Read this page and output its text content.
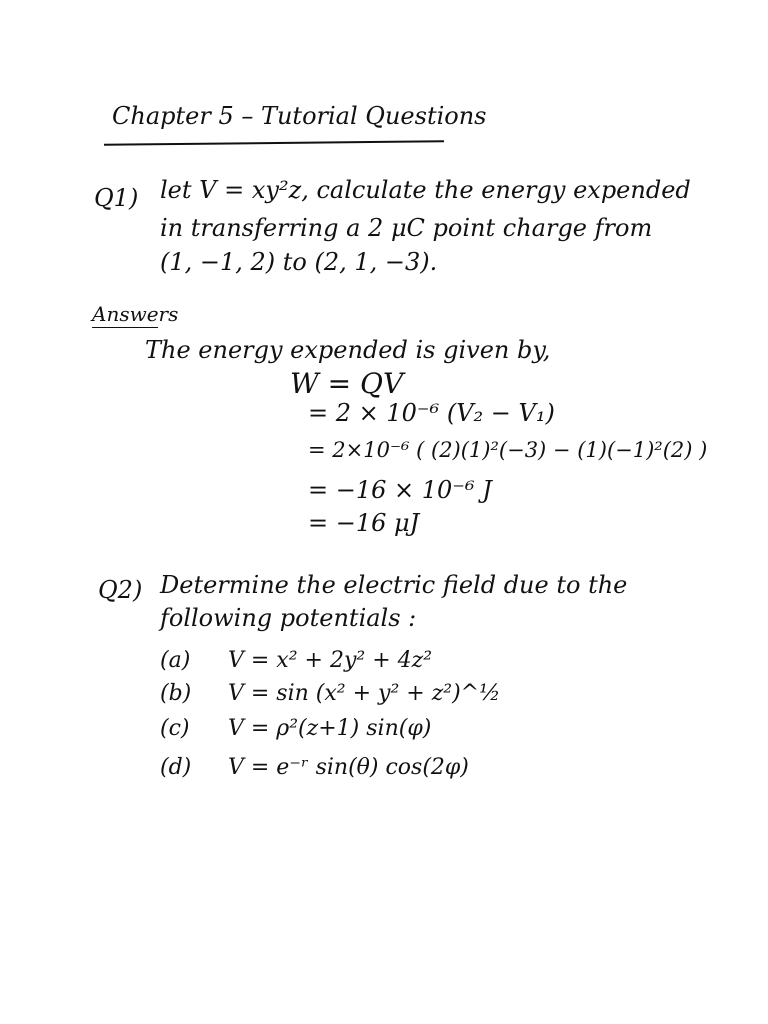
Chapter 5 – Tutorial Questions
Q1) let V = xy²z, calculate the energy expended
in transferring a 2 μC point charge from
(1, −1, 2) to (2, 1, −3).
Answers
The energy expended is given by,
W = QV
= 2 × 10⁻⁶ (V₂ − V₁)
= 2×10⁻⁶ ( (2)(1)²(−3) − (1)(−1)²(2) )
= −16 × 10⁻⁶ J
= −16 μJ
Q2) Determine the electric field due to the
following potentials :
(a) V = x² + 2y² + 4z²
(b) V = sin (x² + y² + z²)^½
(c) V = ρ²(z+1) sin(φ)
(d) V = e⁻ʳ sin(θ) cos(2φ)
